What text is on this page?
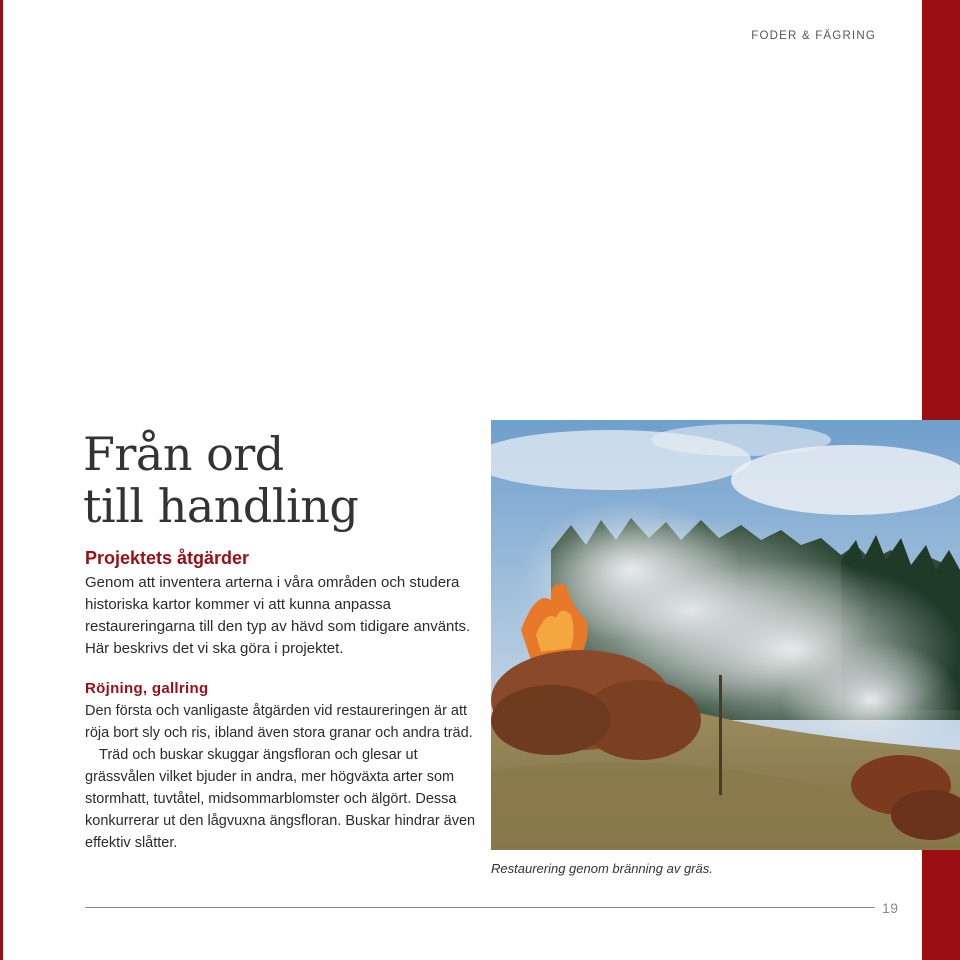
FODER & FÄGRING
Från ord
till handling
Projektets åtgärder

Genom att inventera arterna i våra områden och studera historiska kartor kommer vi att kunna anpassa restaureringarna till den typ av hävd som tidigare använts. Här beskrivs det vi ska göra i projektet.

Röjning, gallring

Den första och vanligaste åtgärden vid restaureringen är att röja bort sly och ris, ibland även stora granar och andra träd.

Träd och buskar skuggar ängsfloran och glesar ut grässvålen vilket bjuder in andra, mer högväxta arter som stormhatt, tuvtåtel, midsommarblomster och älgört. Dessa konkurrerar ut den lågvuxna ängsfloran. Buskar hindrar även effektiv slåtter.

Restaurering genom bränning av gräs.

19
